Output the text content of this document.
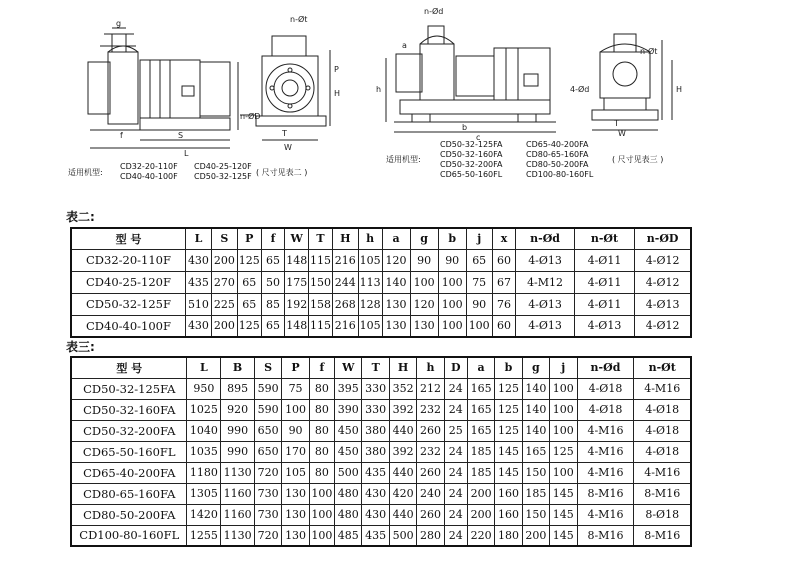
g
S
f
L
n-Øt
n-ØD
T
W
P
H
n-Ød
a
b
c
h
n-Øt
4-Ød	H
T
W
适用机型:
CD32-20-110F
CD40-40-100F
CD40-25-120F
CD50-32-125F ( 尺寸见表二 )
适用机型:
CD50-32-125FA
CD50-32-160FA
CD50-32-200FA
CD65-50-160FL
CD65-40-200FA
CD80-65-160FA
CD80-50-200FA
CD100-80-160FL
( 尺寸见表三 )
表二:
型 号	L	S	P	f	W	T	H	h	a	g	b	j	x	n-Ød	n-Øt	n-ØD
CD32-20-110F	430	200	125	65	148	115	216	105	120	90	90	65	60	4-Ø13	4-Ø11	4-Ø12
CD40-25-120F	435	270	65	50	175	150	244	113	140	100	100	75	67	4-M12	4-Ø11	4-Ø12
CD50-32-125F	510	225	65	85	192	158	268	128	130	120	100	90	76	4-Ø13	4-Ø11	4-Ø13
CD40-40-100F	430	200	125	65	148	115	216	105	130	130	100	100	60	4-Ø13	4-Ø13	4-Ø12
表三:
型 号	L	B	S	P	f	W	T	H	h	D	a	b	g	j	n-Ød	n-Øt
CD50-32-125FA	950	895	590	75	80	395	330	352	212	24	165	125	140	100	4-Ø18	4-M16
CD50-32-160FA	1025	920	590	100	80	390	330	392	232	24	165	125	140	100	4-Ø18	4-Ø18
CD50-32-200FA	1040	990	650	90	80	450	380	440	260	25	165	125	140	100	4-M16	4-Ø18
CD65-50-160FL	1035	990	650	170	80	450	380	392	232	24	185	145	165	125	4-M16	4-Ø18
CD65-40-200FA	1180	1130	720	105	80	500	435	440	260	24	185	145	150	100	4-M16	4-M16
CD80-65-160FA	1305	1160	730	130	100	480	430	420	240	24	200	160	185	145	8-M16	8-M16
CD80-50-200FA	1420	1160	730	130	100	480	430	440	260	24	200	160	150	145	4-M16	8-Ø18
CD100-80-160FL	1255	1130	720	130	100	485	435	500	280	24	220	180	200	145	8-M16	8-M16
